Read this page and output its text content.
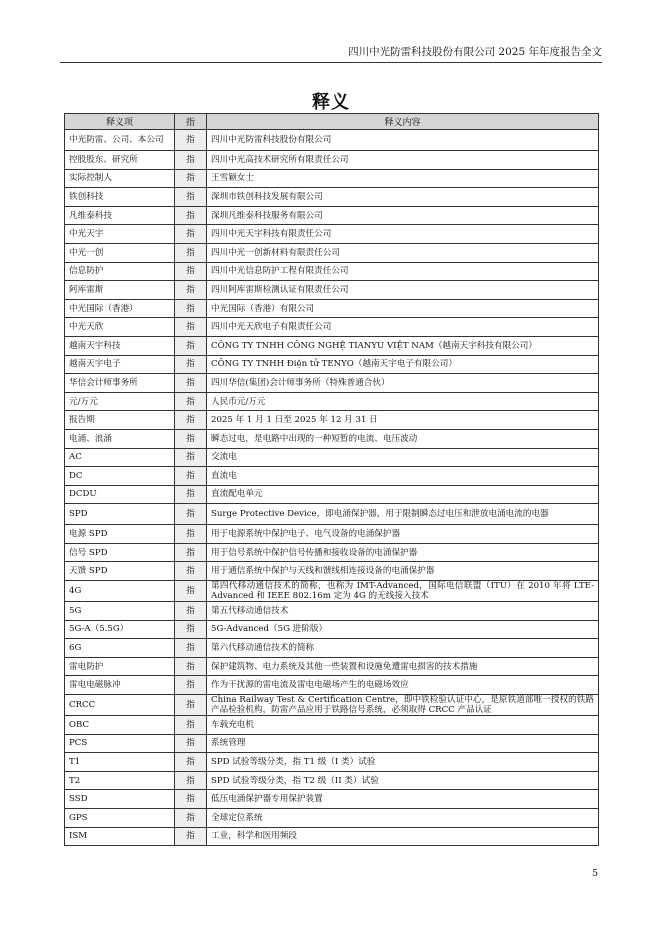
四川中光防雷科技股份有限公司 2025 年年度报告全文
释义
释义项	指	释义内容
中光防雷、公司、本公司	指	四川中光防雷科技股份有限公司
控股股东、研究所	指	四川中光高技术研究所有限责任公司
实际控制人	指	王雪颖女士
铁创科技	指	深圳市铁创科技发展有限公司
凡维泰科技	指	深圳凡维泰科技服务有限公司
中光天宇	指	四川中光天宇科技有限责任公司
中光一创	指	四川中光一创新材料有限责任公司
信息防护	指	四川中光信息防护工程有限责任公司
阿库雷斯	指	四川阿库雷斯检测认证有限责任公司
中光国际（香港）	指	中光国际（香港）有限公司
中光天欣	指	四川中光天欣电子有限责任公司
越南天宇科技	指	CÔNG TY TNHH CÔNG NGHỆ TIANYU VIỆT NAM（越南天宇科技有限公司）
越南天宇电子	指	CÔNG TY TNHH Điện tử TENYO（越南天宇电子有限公司）
华信会计师事务所	指	四川华信(集团)会计师事务所（特殊普通合伙）
元/万元	指	人民币元/万元
报告期	指	2025 年 1 月 1 日至 2025 年 12 月 31 日
电涌、浪涌	指	瞬态过电，是电路中出现的一种短暂的电流、电压波动
AC	指	交流电
DC	指	直流电
DCDU	指	直流配电单元
SPD	指	Surge Protective Device，即电涌保护器，用于限制瞬态过电压和泄放电涌电流的电器
电源 SPD	指	用于电源系统中保护电子、电气设备的电涌保护器
信号 SPD	指	用于信号系统中保护信号传播和接收设备的电涌保护器
天馈 SPD	指	用于通信系统中保护与天线和馈线相连接设备的电涌保护器
4G	指	第四代移动通信技术的简称，也称为 IMT-Advanced，国际电信联盟（ITU）在 2010 年将 LTE-Advanced 和 IEEE 802.16m 定为 4G 的无线接入技术
5G	指	第五代移动通信技术
5G-A（5.5G）	指	5G-Advanced（5G 进阶版）
6G	指	第六代移动通信技术的简称
雷电防护	指	保护建筑物、电力系统及其他一些装置和设施免遭雷电损害的技术措施
雷电电磁脉冲	指	作为干扰源的雷电流及雷电电磁场产生的电磁场效应
CRCC	指	China Railway Test & Certification Centre，即中铁检验认证中心，是原铁道部唯一授权的铁路产品检验机构，防雷产品应用于铁路信号系统，必须取得 CRCC 产品认证
OBC	指	车载充电机
PCS	指	系统管理
T1	指	SPD 试验等级分类，指 T1 级（I 类）试验
T2	指	SPD 试验等级分类，指 T2 级（II 类）试验
SSD	指	低压电涌保护器专用保护装置
GPS	指	全球定位系统
ISM	指	工业，科学和医用频段
5
